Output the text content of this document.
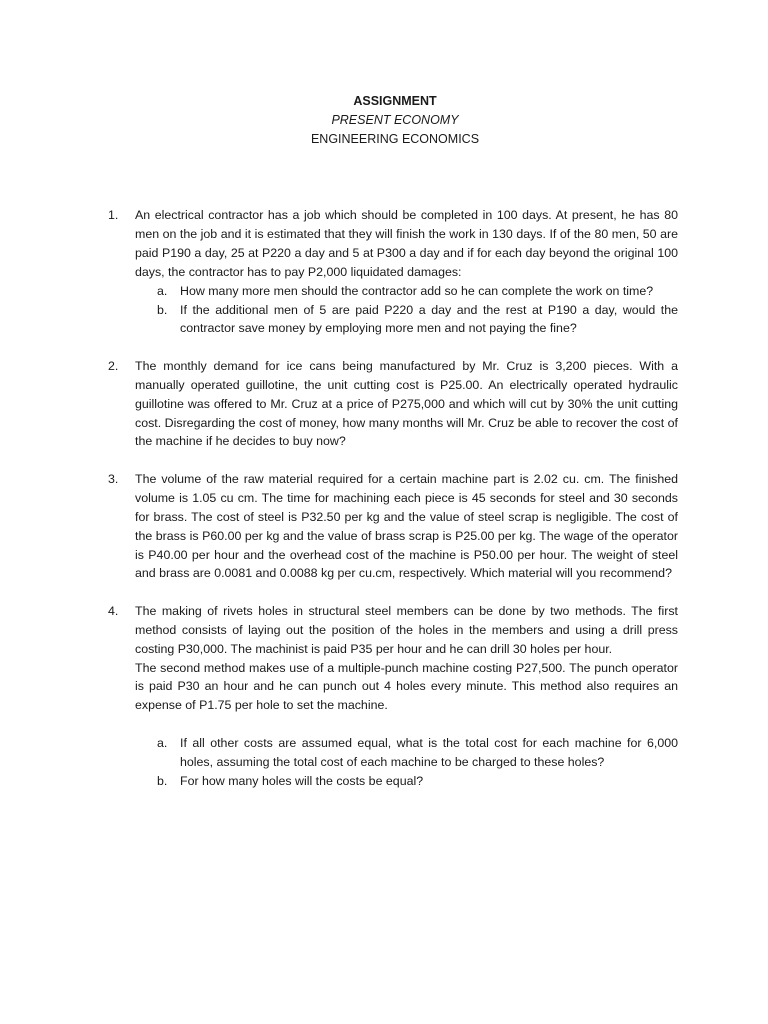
ASSIGNMENT
PRESENT ECONOMY
ENGINEERING ECONOMICS
1.	An electrical contractor has a job which should be completed in 100 days. At present, he has 80 men on the job and it is estimated that they will finish the work in 130 days. If of the 80 men, 50 are paid P190 a day, 25 at P220 a day and 5 at P300 a day and if for each day beyond the original 100 days, the contractor has to pay P2,000 liquidated damages:

a.	How many more men should the contractor add so he can complete the work on time?
b.	If the additional men of 5 are paid P220 a day and the rest at P190 a day, would the contractor save money by employing more men and not paying the fine?
2.	The monthly demand for ice cans being manufactured by Mr. Cruz is 3,200 pieces. With a manually operated guillotine, the unit cutting cost is P25.00. An electrically operated hydraulic guillotine was offered to Mr. Cruz at a price of P275,000 and which will cut by 30% the unit cutting cost. Disregarding the cost of money, how many months will Mr. Cruz be able to recover the cost of the machine if he decides to buy now?

3.	The volume of the raw material required for a certain machine part is 2.02 cu. cm. The finished volume is 1.05 cu cm. The time for machining each piece is 45 seconds for steel and 30 seconds for brass. The cost of steel is P32.50 per kg and the value of steel scrap is negligible. The cost of the brass is P60.00 per kg and the value of brass scrap is P25.00 per kg. The wage of the operator is P40.00 per hour and the overhead cost of the machine is P50.00 per hour. The weight of steel and brass are 0.0081 and 0.0088 kg per cu.cm, respectively. Which material will you recommend?

4.	The making of rivets holes in structural steel members can be done by two methods. The first method consists of laying out the position of the holes in the members and using a drill press costing P30,000. The machinist is paid P35 per hour and he can drill 30 holes per hour.

The second method makes use of a multiple-punch machine costing P27,500. The punch operator is paid P30 an hour and he can punch out 4 holes every minute. This method also requires an expense of P1.75 per hole to set the machine.

a.	If all other costs are assumed equal, what is the total cost for each machine for 6,000 holes, assuming the total cost of each machine to be charged to these holes?
b.	For how many holes will the costs be equal?
